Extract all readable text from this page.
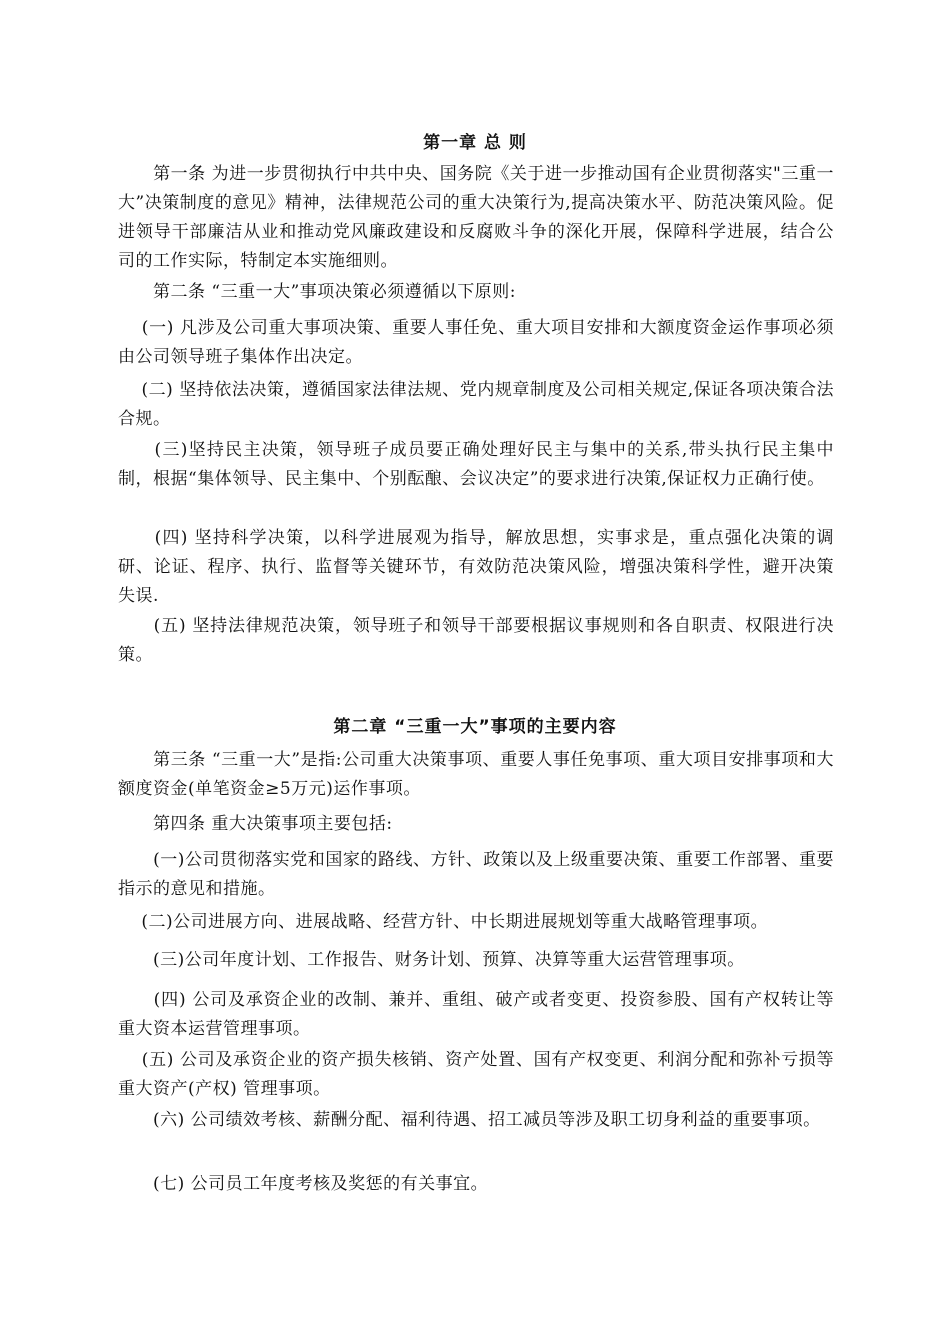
第一章 总 则

　　第一条 为进一步贯彻执行中共中央、国务院《关于进一步推动国有企业贯彻落实"三重一大”决策制度的意见》精神，法律规范公司的重大决策行为,提高决策水平、防范决策风险。促进领导干部廉洁从业和推动党风廉政建设和反腐败斗争的深化开展，保障科学进展，结合公司的工作实际，特制定本实施细则。

　　第二条 “三重一大”事项决策必须遵循以下原则:

　 (一) 凡涉及公司重大事项决策、重要人事任免、重大项目安排和大额度资金运作事项必须由公司领导班子集体作出决定。

　 (二) 坚持依法决策，遵循国家法律法规、党内规章制度及公司相关规定,保证各项决策合法合规。

　　(三)坚持民主决策，领导班子成员要正确处理好民主与集中的关系,带头执行民主集中制，根据“集体领导、民主集中、个别酝酿、会议决定”的要求进行决策,保证权力正确行使。

　　(四) 坚持科学决策，以科学进展观为指导，解放思想，实事求是，重点强化决策的调研、论证、程序、执行、监督等关键环节，有效防范决策风险，增强决策科学性，避开决策失误.

　　(五) 坚持法律规范决策，领导班子和领导干部要根据议事规则和各自职责、权限进行决策。

第二章 “三重一大”事项的主要内容

　　第三条 “三重一大”是指:公司重大决策事项、重要人事任免事项、重大项目安排事项和大额度资金(单笔资金≥5万元)运作事项。

　　第四条 重大决策事项主要包括:

　　(一)公司贯彻落实党和国家的路线、方针、政策以及上级重要决策、重要工作部署、重要指示的意见和措施。

　 (二)公司进展方向、进展战略、经营方针、中长期进展规划等重大战略管理事项。

　　(三)公司年度计划、工作报告、财务计划、预算、决算等重大运营管理事项。

　　(四) 公司及承资企业的改制、兼并、重组、破产或者变更、投资参股、国有产权转让等重大资本运营管理事项。

　 (五) 公司及承资企业的资产损失核销、资产处置、国有产权变更、利润分配和弥补亏损等重大资产(产权) 管理事项。

　　(六) 公司绩效考核、薪酬分配、福利待遇、招工减员等涉及职工切身利益的重要事项。

　　(七) 公司员工年度考核及奖惩的有关事宜。
